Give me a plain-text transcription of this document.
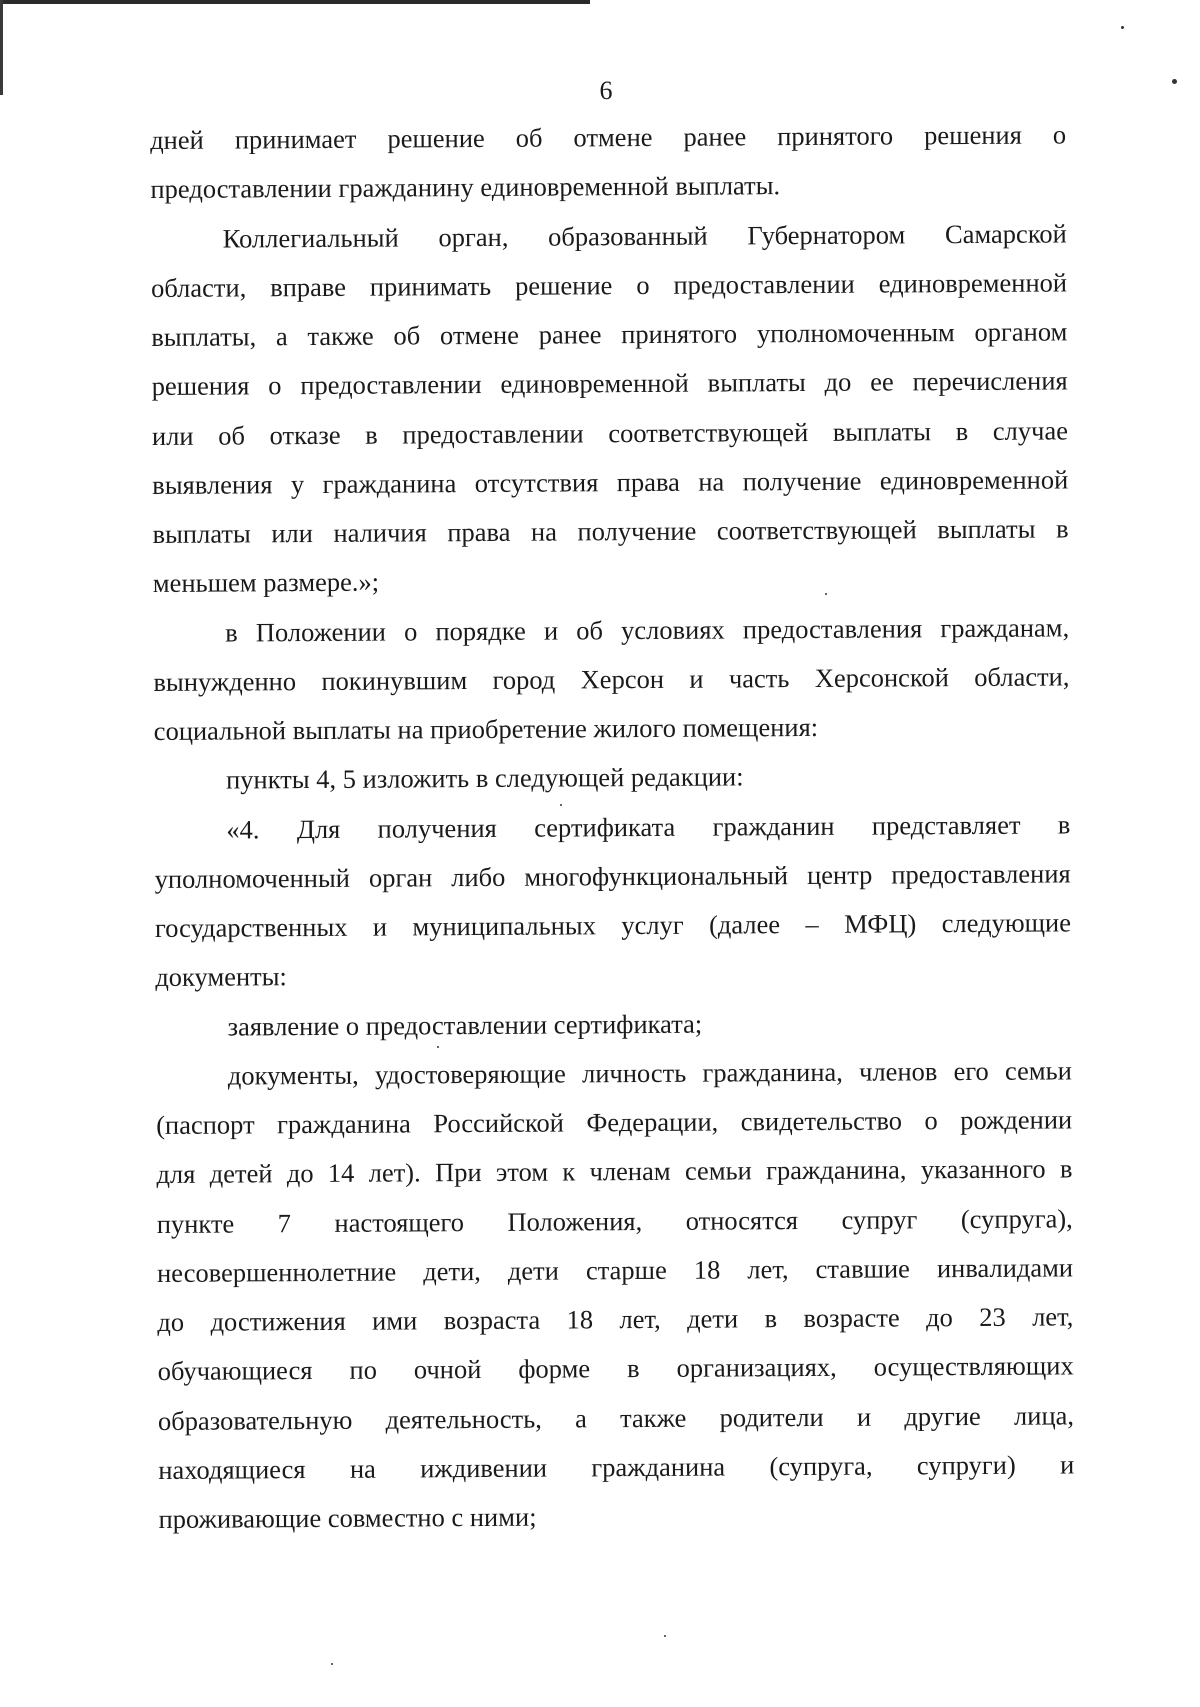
6
дней принимает решение об отмене ранее принятого решения о
предоставлении гражданину единовременной выплаты.
Коллегиальный орган, образованный Губернатором Самарской
области, вправе принимать решение о предоставлении единовременной
выплаты, а также об отмене ранее принятого уполномоченным органом
решения о предоставлении единовременной выплаты до ее перечисления
или об отказе в предоставлении соответствующей выплаты в случае
выявления у гражданина отсутствия права на получение единовременной
выплаты или наличия права на получение соответствующей выплаты в
меньшем размере.»;
в Положении о порядке и об условиях предоставления гражданам,
вынужденно покинувшим город Херсон и часть Херсонской области,
социальной выплаты на приобретение жилого помещения:
пункты 4, 5 изложить в следующей редакции:
«4. Для получения сертификата гражданин представляет в
уполномоченный орган либо многофункциональный центр предоставления
государственных и муниципальных услуг (далее – МФЦ) следующие
документы:
заявление о предоставлении сертификата;
документы, удостоверяющие личность гражданина, членов его семьи
(паспорт гражданина Российской Федерации, свидетельство о рождении
для детей до 14 лет). При этом к членам семьи гражданина, указанного в
пункте 7 настоящего Положения, относятся супруг (супруга),
несовершеннолетние дети, дети старше 18 лет, ставшие инвалидами
до достижения ими возраста 18 лет, дети в возрасте до 23 лет,
обучающиеся по очной форме в организациях, осуществляющих
образовательную деятельность, а также родители и другие лица,
находящиеся на иждивении гражданина (супруга, супруги) и
проживающие совместно с ними;
